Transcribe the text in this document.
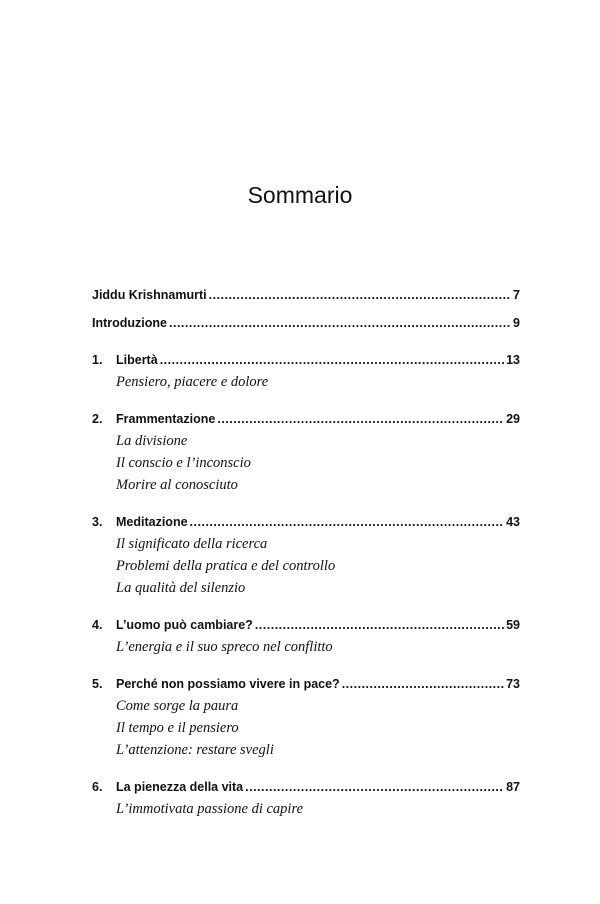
Sommario
Jiddu Krishnamurti .....	7
Introduzione .....	9
1.	Libertà .....	13
Pensiero, piacere e dolore
2.	Frammentazione .....	29
La divisione
Il conscio e l’inconscio
Morire al conosciuto
3.	Meditazione .....	43
Il significato della ricerca
Problemi della pratica e del controllo
La qualità del silenzio
4.	L’uomo può cambiare? .....	59
L’energia e il suo spreco nel conflitto
5.	Perché non possiamo vivere in pace? .....	73
Come sorge la paura
Il tempo e il pensiero
L’attenzione: restare svegli
6.	La pienezza della vita .....	87
L’immotivata passione di capire
